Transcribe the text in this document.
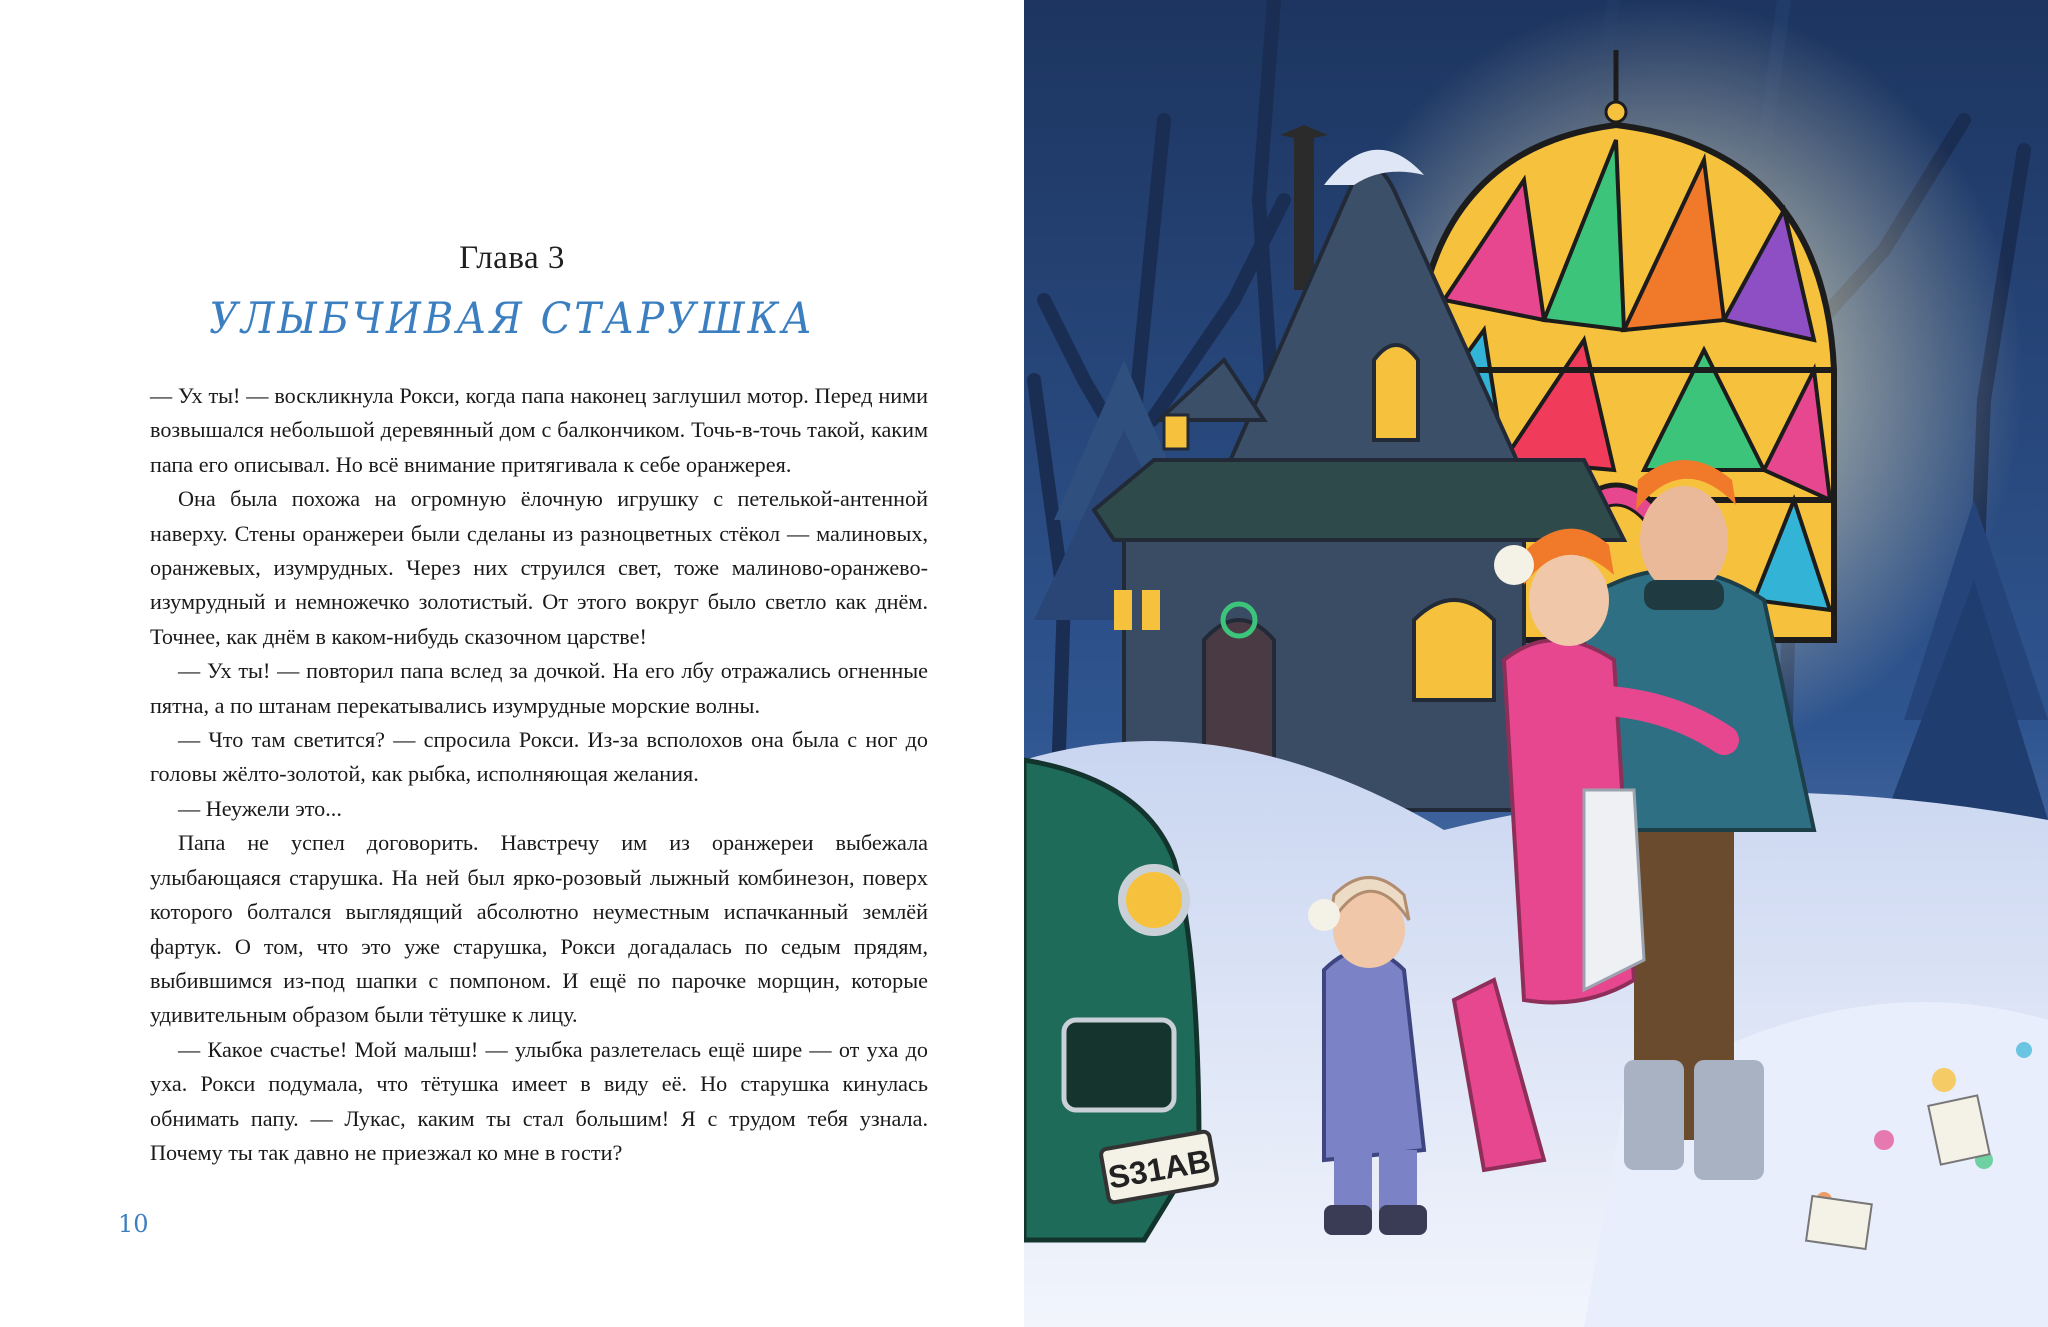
Глава 3
УЛЫБЧИВАЯ СТАРУШКА

— Ух ты! — воскликнула Рокси, когда папа наконец заглушил мотор. Перед ними возвышался небольшой деревянный дом с балкончиком. Точь-в-точь такой, каким папа его описывал. Но всё внимание притягивала к себе оранжерея.

Она была похожа на огромную ёлочную игрушку с петелькой-антенной наверху. Стены оранжереи были сделаны из разноцветных стёкол — малиновых, оранжевых, изумрудных. Через них струился свет, тоже малиново-оранжево-изумрудный и немножечко золотистый. От этого вокруг было светло как днём. Точнее, как днём в каком-нибудь сказочном царстве!

— Ух ты! — повторил папа вслед за дочкой. На его лбу отражались огненные пятна, а по штанам перекатывались изумрудные морские волны.

— Что там светится? — спросила Рокси. Из-за всполохов она была с ног до головы жёлто-золотой, как рыбка, исполняющая желания.

— Неужели это...

Папа не успел договорить. Навстречу им из оранжереи выбежала улыбающаяся старушка. На ней был ярко-розовый лыжный комбинезон, поверх которого болтался выглядящий абсолютно неуместным испачканный землёй фартук. О том, что это уже старушка, Рокси догадалась по седым прядям, выбившимся из-под шапки с помпоном. И ещё по парочке морщин, которые удивительным образом были тётушке к лицу.

— Какое счастье! Мой малыш! — улыбка разлетелась ещё шире — от уха до уха. Рокси подумала, что тётушка имеет в виду её. Но старушка кинулась обнимать папу. — Лукас, каким ты стал большим! Я с трудом тебя узнала. Почему ты так давно не приезжал ко мне в гости?

10
S31AB
